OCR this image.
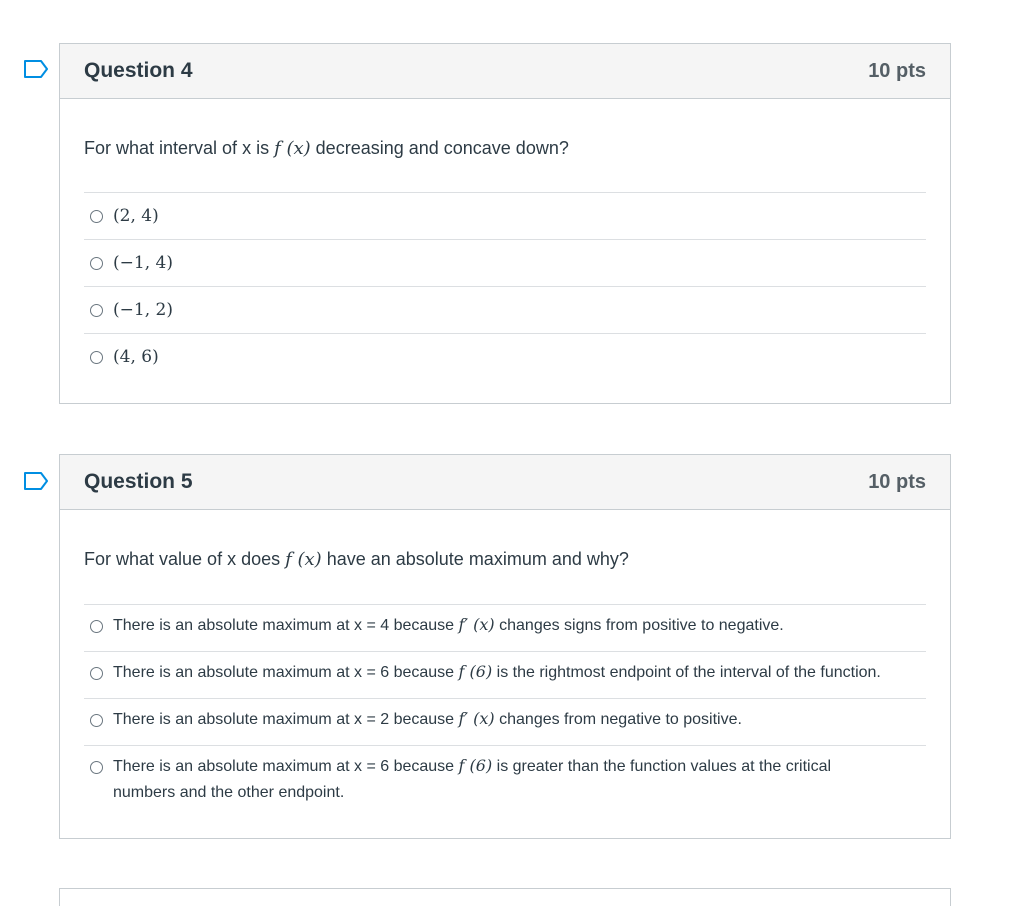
Question 4	10 pts
For what interval of x is f (x) decreasing and concave down?
(2, 4)
(−1, 4)
(−1, 2)
(4, 6)
Question 5	10 pts
For what value of x does f (x) have an absolute maximum and why?
There is an absolute maximum at x = 4 because f′ (x) changes signs from positive to negative.
There is an absolute maximum at x = 6 because f (6) is the rightmost endpoint of the interval of the function.
There is an absolute maximum at x = 2 because f′ (x) changes from negative to positive.
There is an absolute maximum at x = 6 because f (6) is greater than the function values at the critical numbers and the other endpoint.
